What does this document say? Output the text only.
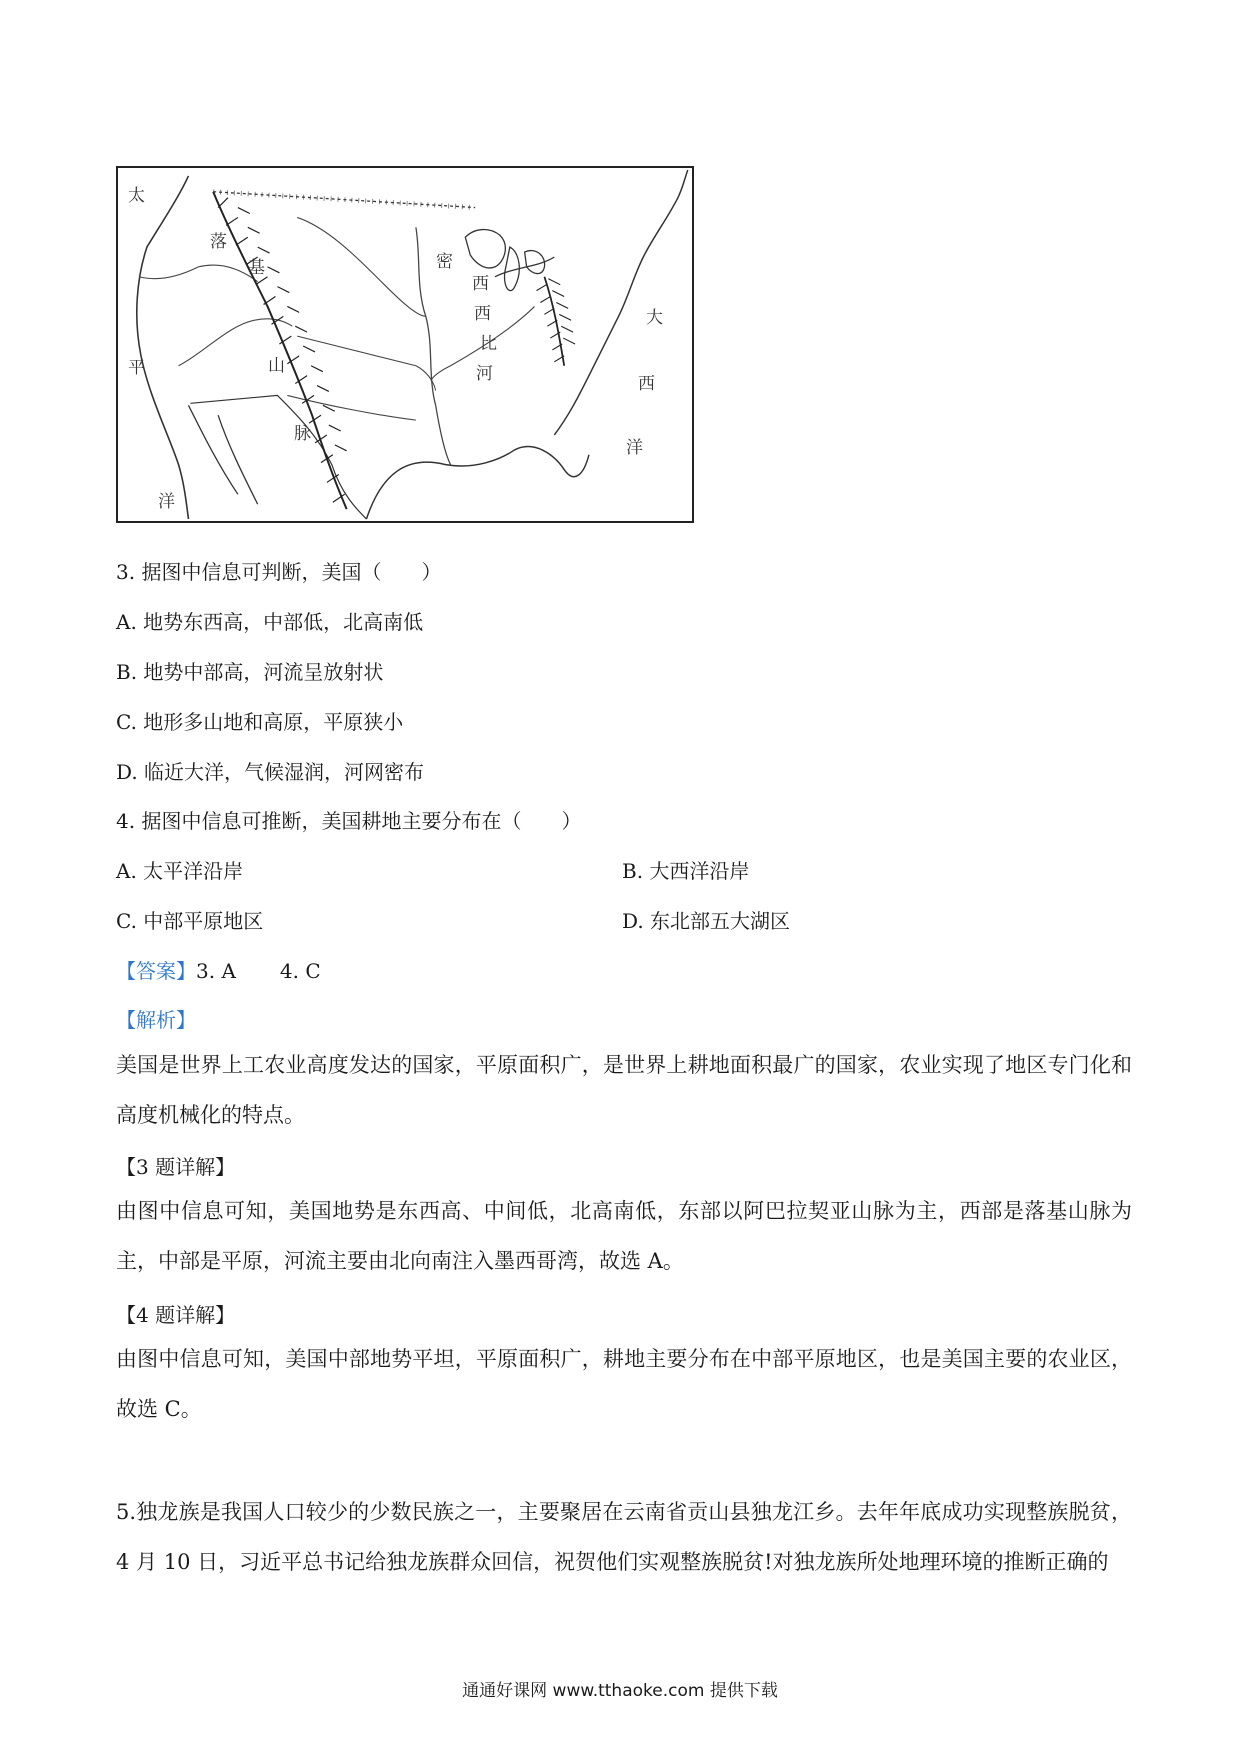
太
平
洋
落
基
山
脉
密
西
西
比
河
大
西
洋
3. 据图中信息可判断，美国（　　）
A. 地势东西高，中部低，北高南低
B. 地势中部高，河流呈放射状
C. 地形多山地和高原，平原狭小
D. 临近大洋，气候湿润，河网密布
4. 据图中信息可推断，美国耕地主要分布在（　　）
A. 太平洋沿岸	B. 大西洋沿岸
C. 中部平原地区	D. 东北部五大湖区
【答案】3. A 4. C
【解析】
美国是世界上工农业高度发达的国家，平原面积广，是世界上耕地面积最广的国家，农业实现了地区专门化和高度机械化的特点。
【3 题详解】
由图中信息可知，美国地势是东西高、中间低，北高南低，东部以阿巴拉契亚山脉为主，西部是落基山脉为主，中部是平原，河流主要由北向南注入墨西哥湾，故选 A。
【4 题详解】
由图中信息可知，美国中部地势平坦，平原面积广，耕地主要分布在中部平原地区，也是美国主要的农业区，故选 C。
5.独龙族是我国人口较少的少数民族之一，主要聚居在云南省贡山县独龙江乡。去年年底成功实现整族脱贫，4 月 10 日，习近平总书记给独龙族群众回信，祝贺他们实观整族脱贫!对独龙族所处地理环境的推断正确的
通通好课网 www.tthaoke.com 提供下载
